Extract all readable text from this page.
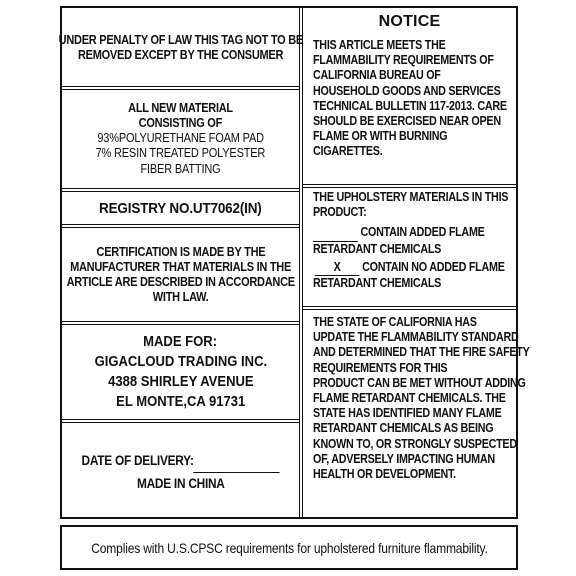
UNDER PENALTY OF LAW THIS TAG NOT TO BE
REMOVED EXCEPT BY THE CONSUMER
ALL NEW MATERIAL
CONSISTING OF
93%POLYURETHANE FOAM PAD
7% RESIN TREATED POLYESTER
FIBER BATTING
REGISTRY NO.UT7062(IN)
CERTIFICATION IS MADE BY THE
MANUFACTURER THAT MATERIALS IN THE
ARTICLE ARE DESCRIBED IN ACCORDANCE
WITH LAW.
MADE FOR:
GIGACLOUD TRADING INC.
4388 SHIRLEY AVENUE
EL MONTE,CA 91731
DATE OF DELIVERY:
MADE IN CHINA
NOTICE
THIS ARTICLE MEETS THE
FLAMMABILITY REQUIREMENTS OF
CALIFORNIA BUREAU OF
HOUSEHOLD GOODS AND SERVICES
TECHNICAL BULLETIN 117-2013. CARE
SHOULD BE EXERCISED NEAR OPEN
FLAME OR WITH BURNING
CIGARETTES.
THE UPHOLSTERY MATERIALS IN THIS
PRODUCT:
CONTAIN ADDED FLAME
RETARDANT CHEMICALS
X CONTAIN NO ADDED FLAME
RETARDANT CHEMICALS
THE STATE OF CALIFORNIA HAS
UPDATE THE FLAMMABILITY STANDARD
AND DETERMINED THAT THE FIRE SAFETY
REQUIREMENTS FOR THIS
PRODUCT CAN BE MET WITHOUT ADDING
FLAME RETARDANT CHEMICALS. THE
STATE HAS IDENTIFIED MANY FLAME
RETARDANT CHEMICALS AS BEING
KNOWN TO, OR STRONGLY SUSPECTED
OF, ADVERSELY IMPACTING HUMAN
HEALTH OR DEVELOPMENT.
Complies with U.S.CPSC requirements for upholstered furniture flammability.
